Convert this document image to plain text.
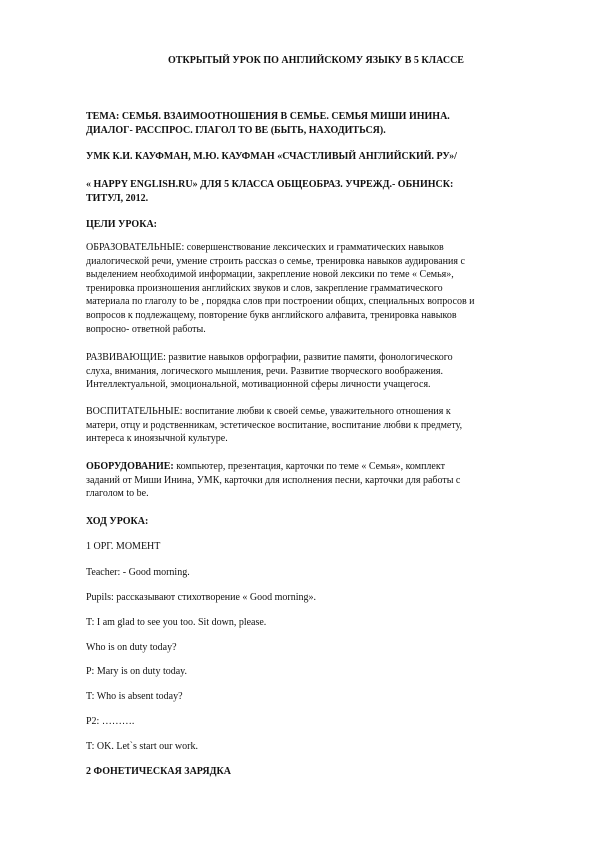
ОТКРЫТЫЙ УРОК ПО АНГЛИЙСКОМУ ЯЗЫКУ В 5 КЛАССЕ

ТЕМА: СЕМЬЯ. ВЗАИМООТНОШЕНИЯ В СЕМЬЕ. СЕМЬЯ МИШИ ИНИНА.

ДИАЛОГ- РАССПРОС. ГЛАГОЛ TO BE (БЫТЬ, НАХОДИТЬСЯ).

УМК К.И. КАУФМАН, М.Ю. КАУФМАН «СЧАСТЛИВЫЙ АНГЛИЙСКИЙ. РУ»/

« HAPPY ENGLISH.RU» ДЛЯ 5 КЛАССА ОБЩЕОБРАЗ. УЧРЕЖД.- ОБНИНСК:

ТИТУЛ, 2012.

ЦЕЛИ УРОКА:

ОБРАЗОВАТЕЛЬНЫЕ: совершенствование лексических и грамматических навыков

диалогической речи, умение строить рассказ о семье, тренировка навыков аудирования с

выделением необходимой информации, закрепление новой лексики по теме « Семья»,

тренировка произношения английских звуков и слов, закрепление грамматического

материала по глаголу to be , порядка слов при построении общих, специальных вопросов и

вопросов к подлежащему, повторение букв английского алфавита, тренировка навыков

вопросно- ответной работы.

РАЗВИВАЮЩИЕ: развитие навыков орфографии, развитие памяти, фонологического

слуха, внимания, логического мышления, речи. Развитие творческого воображения.

Интеллектуальной, эмоциональной, мотивационной сферы личности учащегося.

ВОСПИТАТЕЛЬНЫЕ: воспитание любви к своей семье, уважительного отношения к

матери, отцу и родственникам, эстетическое воспитание, воспитание любви к предмету,

интереса к иноязычной культуре.

ОБОРУДОВАНИЕ: компьютер, презентация, карточки по теме « Семья», комплект

заданий от Миши Инина, УМК, карточки для исполнения песни, карточки для работы с

глаголом to be.

ХОД УРОКА:

1 ОРГ. МОМЕНТ

Teacher: - Good morning.

Pupils: рассказывают стихотворение « Good morning».

T: I am glad to see you too. Sit down, please.

Who is on duty today?

P: Mary is on duty today.

T: Who is absent today?

P2: ……….

T: OK. Let`s start our work.

2 ФОНЕТИЧЕСКАЯ ЗАРЯДКА
